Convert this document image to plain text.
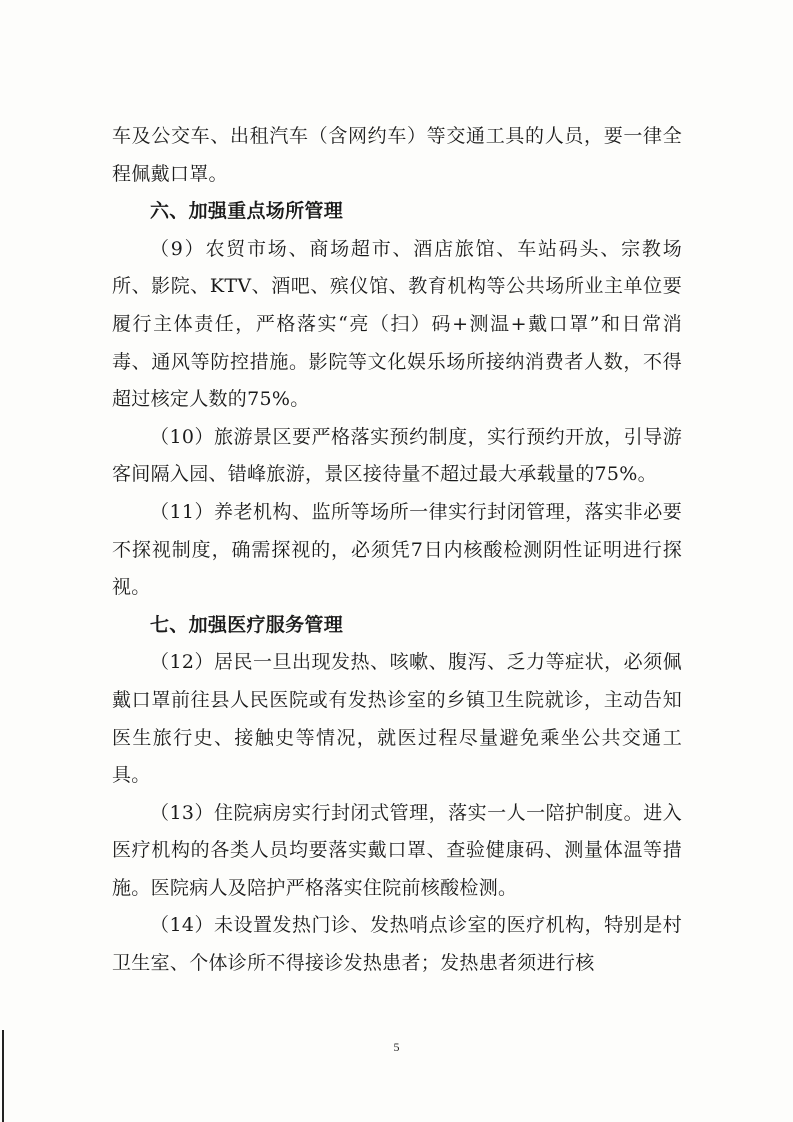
车及公交车、出租汽车（含网约车）等交通工具的人员，要一律全程佩戴口罩。

六、加强重点场所管理

（9）农贸市场、商场超市、酒店旅馆、车站码头、宗教场所、影院、KTV、酒吧、殡仪馆、教育机构等公共场所业主单位要履行主体责任，严格落实“亮（扫）码+测温+戴口罩”和日常消毒、通风等防控措施。影院等文化娱乐场所接纳消费者人数，不得超过核定人数的75%。

（10）旅游景区要严格落实预约制度，实行预约开放，引导游客间隔入园、错峰旅游，景区接待量不超过最大承载量的75%。

（11）养老机构、监所等场所一律实行封闭管理，落实非必要不探视制度，确需探视的，必须凭7日内核酸检测阴性证明进行探视。

七、加强医疗服务管理

（12）居民一旦出现发热、咳嗽、腹泻、乏力等症状，必须佩戴口罩前往县人民医院或有发热诊室的乡镇卫生院就诊，主动告知医生旅行史、接触史等情况，就医过程尽量避免乘坐公共交通工具。

（13）住院病房实行封闭式管理，落实一人一陪护制度。进入医疗机构的各类人员均要落实戴口罩、查验健康码、测量体温等措施。医院病人及陪护严格落实住院前核酸检测。

（14）未设置发热门诊、发热哨点诊室的医疗机构，特别是村卫生室、个体诊所不得接诊发热患者；发热患者须进行核

5
